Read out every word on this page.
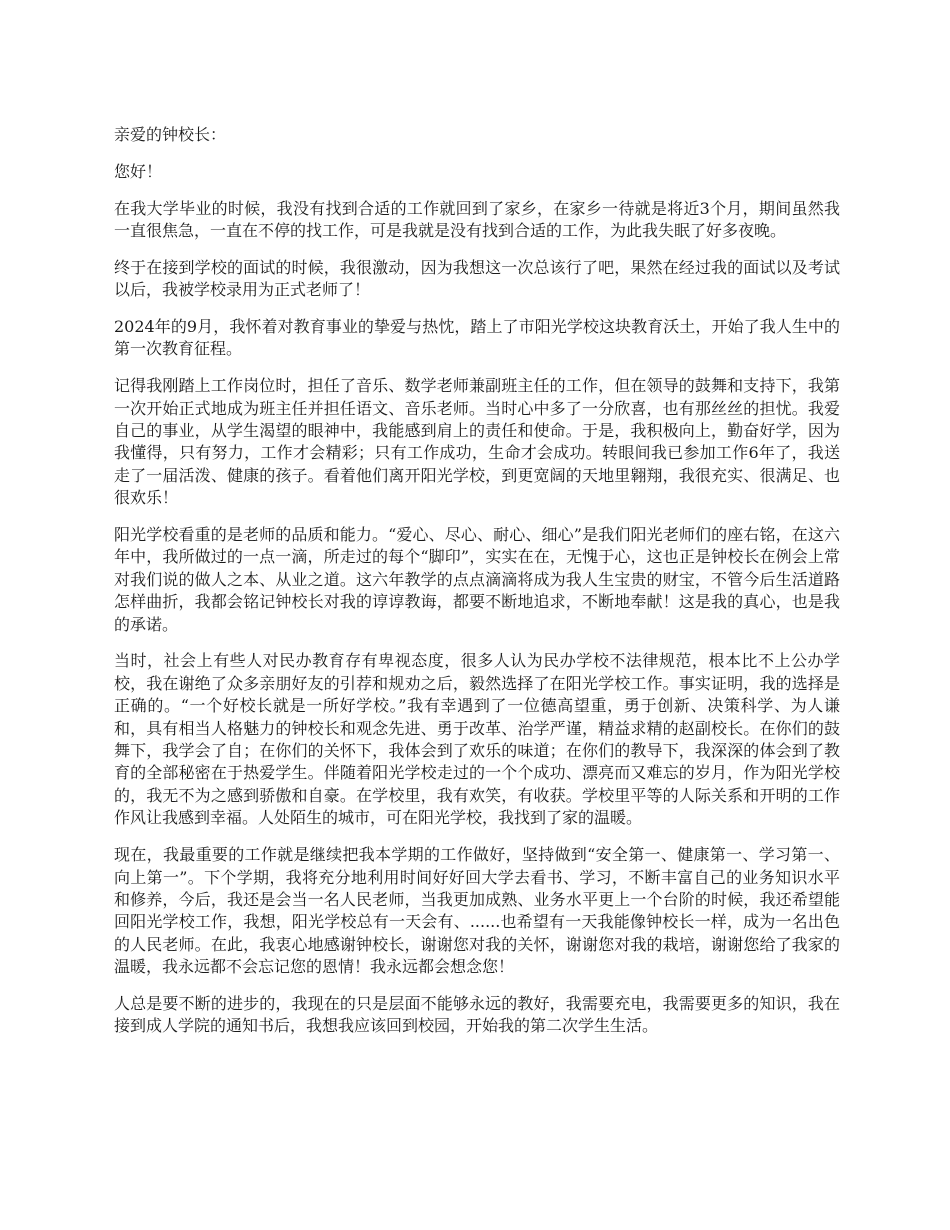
亲爱的钟校长：

您好！

在我大学毕业的时候，我没有找到合适的工作就回到了家乡，在家乡一待就是将近3个月，期间虽然我一直很焦急，一直在不停的找工作，可是我就是没有找到合适的工作，为此我失眠了好多夜晚。

终于在接到学校的面试的时候，我很激动，因为我想这一次总该行了吧，果然在经过我的面试以及考试以后，我被学校录用为正式老师了！

2024年的9月，我怀着对教育事业的挚爱与热忱，踏上了市阳光学校这块教育沃土，开始了我人生中的第一次教育征程。

记得我刚踏上工作岗位时，担任了音乐、数学老师兼副班主任的工作，但在领导的鼓舞和支持下，我第一次开始正式地成为班主任并担任语文、音乐老师。当时心中多了一分欣喜，也有那丝丝的担忧。我爱自己的事业，从学生渴望的眼神中，我能感到肩上的责任和使命。于是，我积极向上，勤奋好学，因为我懂得，只有努力，工作才会精彩；只有工作成功，生命才会成功。转眼间我已参加工作6年了，我送走了一届活泼、健康的孩子。看着他们离开阳光学校，到更宽阔的天地里翱翔，我很充实、很满足、也很欢乐！

阳光学校看重的是老师的品质和能力。“爱心、尽心、耐心、细心”是我们阳光老师们的座右铭，在这六年中，我所做过的一点一滴，所走过的每个“脚印”，实实在在，无愧于心，这也正是钟校长在例会上常对我们说的做人之本、从业之道。这六年教学的点点滴滴将成为我人生宝贵的财宝，不管今后生活道路怎样曲折，我都会铭记钟校长对我的谆谆教诲，都要不断地追求，不断地奉献！这是我的真心，也是我的承诺。

当时，社会上有些人对民办教育存有卑视态度，很多人认为民办学校不法律规范，根本比不上公办学校，我在谢绝了众多亲朋好友的引荐和规劝之后，毅然选择了在阳光学校工作。事实证明，我的选择是正确的。“一个好校长就是一所好学校。”我有幸遇到了一位德高望重，勇于创新、决策科学、为人谦和，具有相当人格魅力的钟校长和观念先进、勇于改革、治学严谨，精益求精的赵副校长。在你们的鼓舞下，我学会了自；在你们的关怀下，我体会到了欢乐的味道；在你们的教导下，我深深的体会到了教育的全部秘密在于热爱学生。伴随着阳光学校走过的一个个成功、漂亮而又难忘的岁月，作为阳光学校的，我无不为之感到骄傲和自豪。在学校里，我有欢笑，有收获。学校里平等的人际关系和开明的工作作风让我感到幸福。人处陌生的城市，可在阳光学校，我找到了家的温暖。

现在，我最重要的工作就是继续把我本学期的工作做好，坚持做到“安全第一、健康第一、学习第一、向上第一”。下个学期，我将充分地利用时间好好回大学去看书、学习，不断丰富自己的业务知识水平和修养，今后，我还是会当一名人民老师，当我更加成熟、业务水平更上一个台阶的时候，我还希望能回阳光学校工作，我想，阳光学校总有一天会有、......也希望有一天我能像钟校长一样，成为一名出色的人民老师。在此，我衷心地感谢钟校长，谢谢您对我的关怀，谢谢您对我的栽培，谢谢您给了我家的温暖，我永远都不会忘记您的恩情！我永远都会想念您！

人总是要不断的进步的，我现在的只是层面不能够永远的教好，我需要充电，我需要更多的知识，我在接到成人学院的通知书后，我想我应该回到校园，开始我的第二次学生生活。
